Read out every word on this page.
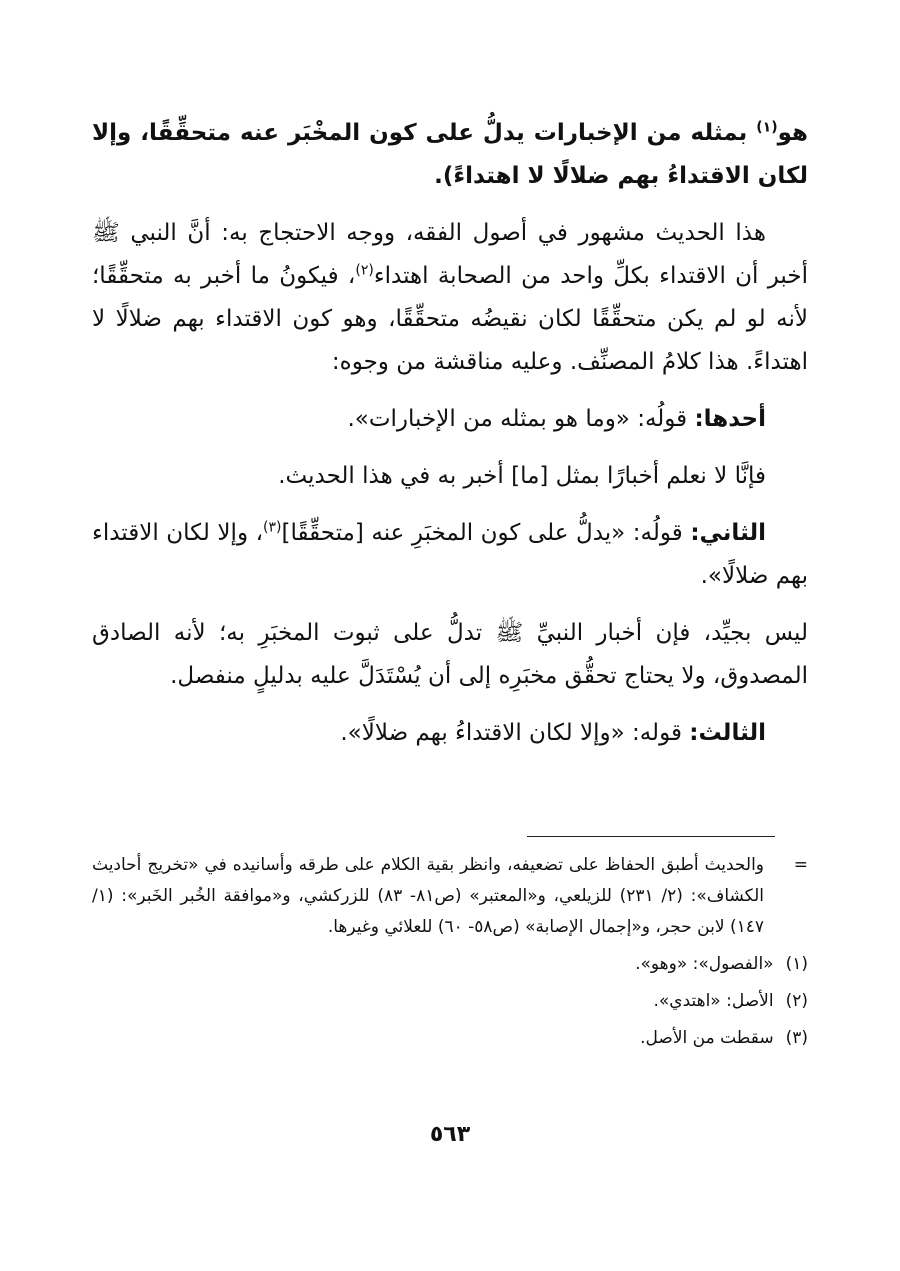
هو$^{(١)}$ بمثله من الإخبارات يدلُّ على كون المخْبَر عنه متحقِّقًا، وإلا لكان الاقتداءُ بهم ضلالًا لا اهتداءً).

هذا الحديث مشهور في أصول الفقه، ووجه الاحتجاج به: أنَّ النبي ﷺ أخبر أن الاقتداء بكلِّ واحد من الصحابة اهتداء$^{(٢)}$، فيكونُ ما أخبر به متحقِّقًا؛ لأنه لو لم يكن متحقِّقًا لكان نقيضُه متحقِّقًا، وهو كون الاقتداء بهم ضلالًا لا اهتداءً. هذا كلامُ المصنِّف. وعليه مناقشة من وجوه:

أحدها: قولُه: «وما هو بمثله من الإخبارات».

فإنَّا لا نعلم أخبارًا بمثل [ما] أخبر به في هذا الحديث.

الثاني: قولُه: «يدلُّ على كون المخبَرِ عنه [متحقِّقًا]$^{(٣)}$، وإلا لكان الاقتداء بهم ضلالًا».

ليس بجيِّد، فإن أخبار النبيِّ ﷺ تدلُّ على ثبوت المخبَرِ به؛ لأنه الصادق المصدوق، ولا يحتاج تحقُّق مخبَرِه إلى أن يُسْتَدَلَّ عليه بدليلٍ منفصل.

الثالث: قوله: «وإلا لكان الاقتداءُ بهم ضلالًا».

=
والحديث أطبق الحفاظ على تضعيفه، وانظر بقية الكلام على طرقه وأسانيده في «تخريج أحاديث الكشاف»: (٢/ ٢٣١) للزيلعي، و«المعتبر» (ص٨١- ٨٣) للزركشي، و«موافقة الخُبر الخَبر»: (١/ ١٤٧) لابن حجر، و«إجمال الإصابة» (ص٥٨- ٦٠) للعلائي وغيرها.
(١)
«الفصول»: «وهو».
(٢)
الأصل: «اهتدي».
(٣)
سقطت من الأصل.
٥٦٣
